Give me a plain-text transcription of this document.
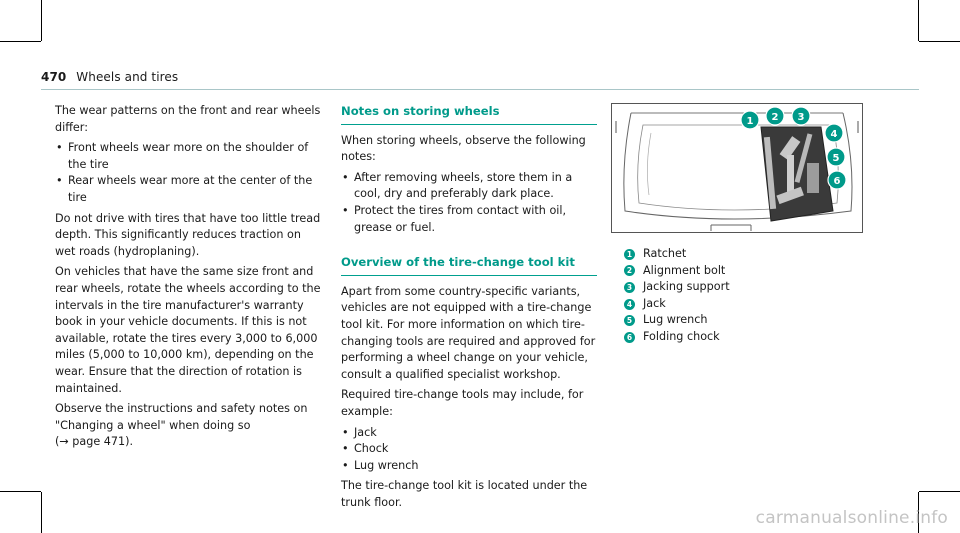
470 Wheels and tires

The wear patterns on the front and rear wheels differ:

• Front wheels wear more on the shoulder of the tire
• Rear wheels wear more at the center of the tire

Do not drive with tires that have too little tread depth. This significantly reduces traction on wet roads (hydroplaning).

On vehicles that have the same size front and rear wheels, rotate the wheels according to the intervals in the tire manufacturer's warranty book in your vehicle documents. If this is not available, rotate the tires every 3,000 to 6,000 miles (5,000 to 10,000 km), depending on the wear. Ensure that the direction of rotation is maintained.

Observe the instructions and safety notes on "Changing a wheel" when doing so
(→ page 471).

Notes on storing wheels

When storing wheels, observe the following notes:

• After removing wheels, store them in a cool, dry and preferably dark place.
• Protect the tires from contact with oil, grease or fuel.
Overview of the tire-change tool kit

Apart from some country-specific variants, vehicles are not equipped with a tire-change tool kit. For more information on which tire-changing tools are required and approved for performing a wheel change on your vehicle, consult a qualified specialist workshop.

Required tire-change tools may include, for example:

• Jack
• Chock
• Lug wrench

The tire-change tool kit is located under the trunk floor.

1 2 3
4
5
6
1 Ratchet
2 Alignment bolt
3 Jacking support
4 Jack
5 Lug wrench
6 Folding chock
carmanualsonline.info
